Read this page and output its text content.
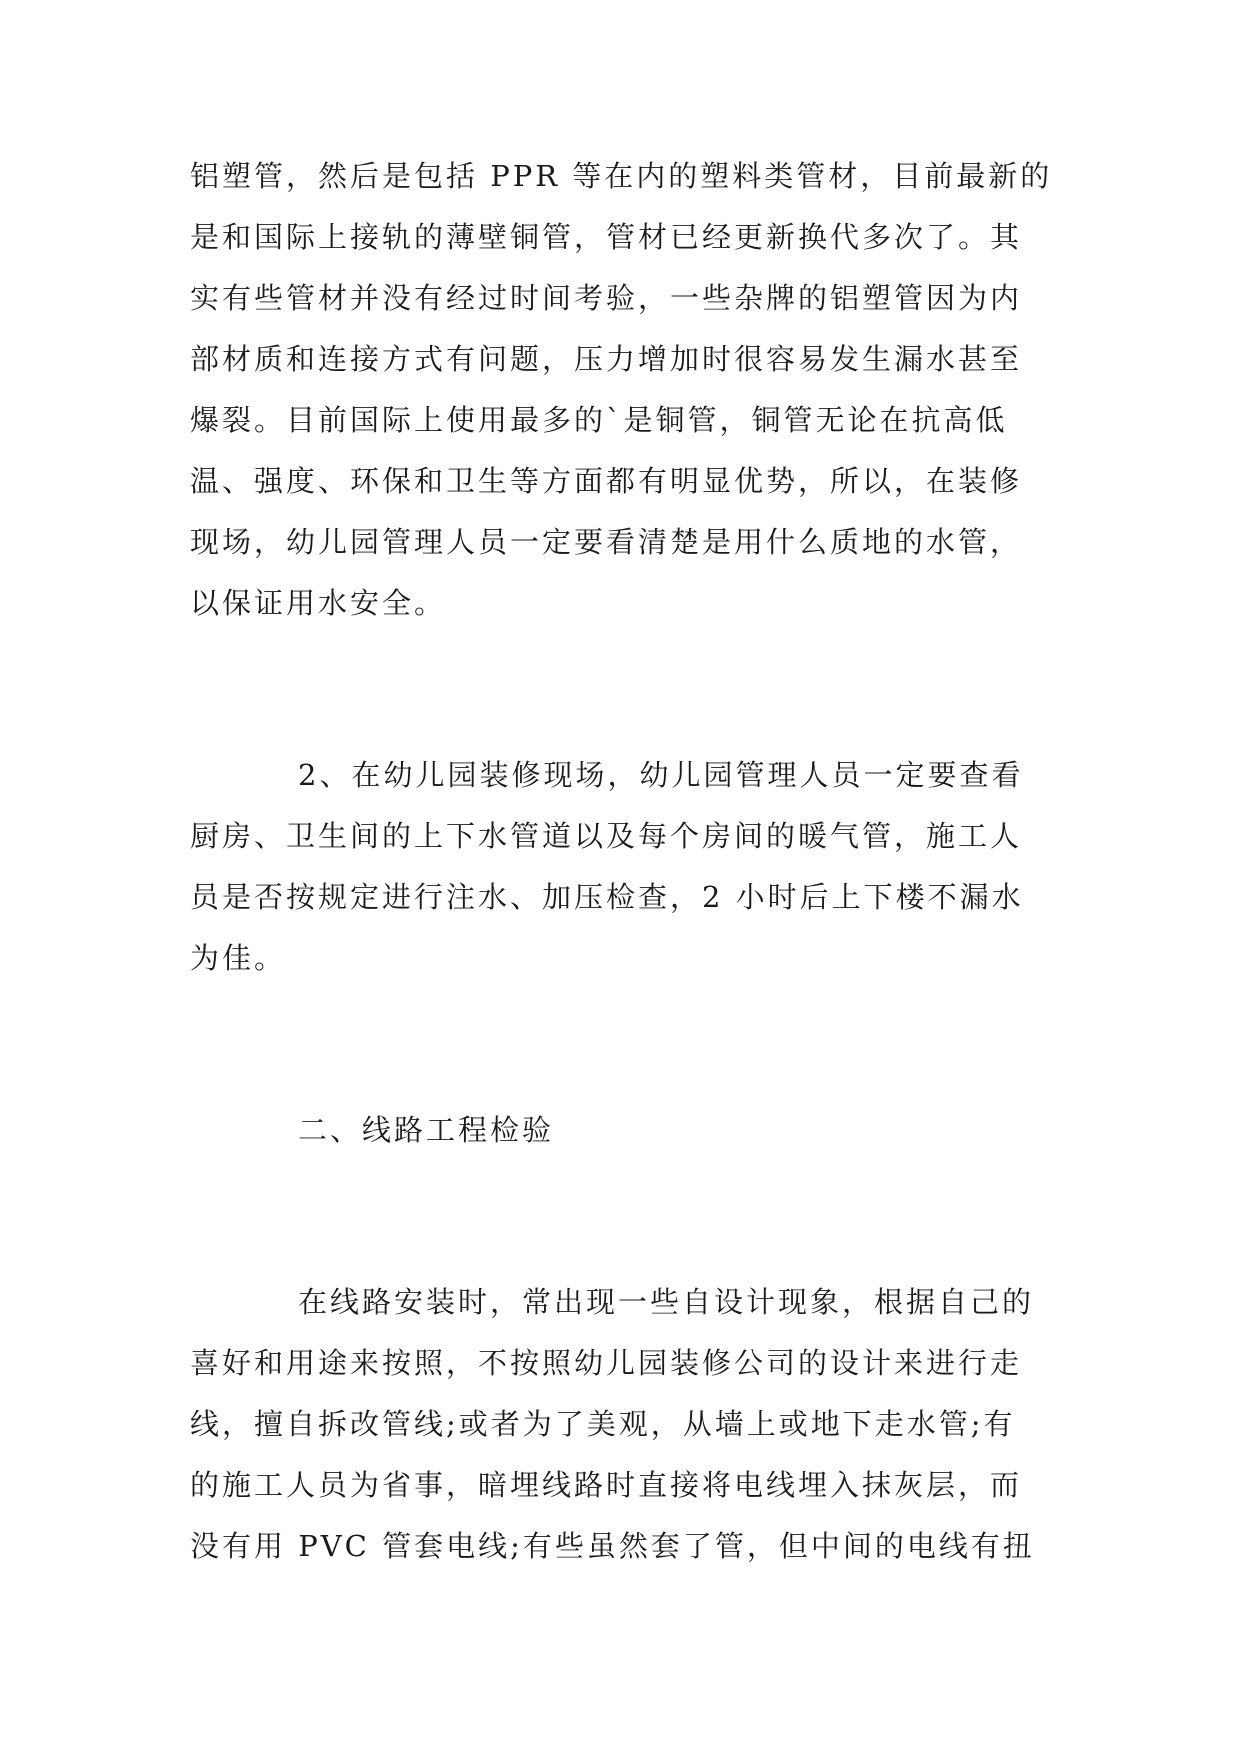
铝塑管，然后是包括 PPR 等在内的塑料类管材，目前最新的
是和国际上接轨的薄壁铜管，管材已经更新换代多次了。其
实有些管材并没有经过时间考验，一些杂牌的铝塑管因为内
部材质和连接方式有问题，压力增加时很容易发生漏水甚至
爆裂。目前国际上使用最多的`是铜管，铜管无论在抗高低
温、强度、环保和卫生等方面都有明显优势，所以，在装修
现场，幼儿园管理人员一定要看清楚是用什么质地的水管，
以保证用水安全。
2、在幼儿园装修现场，幼儿园管理人员一定要查看
厨房、卫生间的上下水管道以及每个房间的暖气管，施工人
员是否按规定进行注水、加压检查，2 小时后上下楼不漏水
为佳。
二、线路工程检验
在线路安装时，常出现一些自设计现象，根据自己的
喜好和用途来按照，不按照幼儿园装修公司的设计来进行走
线，擅自拆改管线;或者为了美观，从墙上或地下走水管;有
的施工人员为省事，暗埋线路时直接将电线埋入抹灰层，而
没有用 PVC 管套电线;有些虽然套了管，但中间的电线有扭
